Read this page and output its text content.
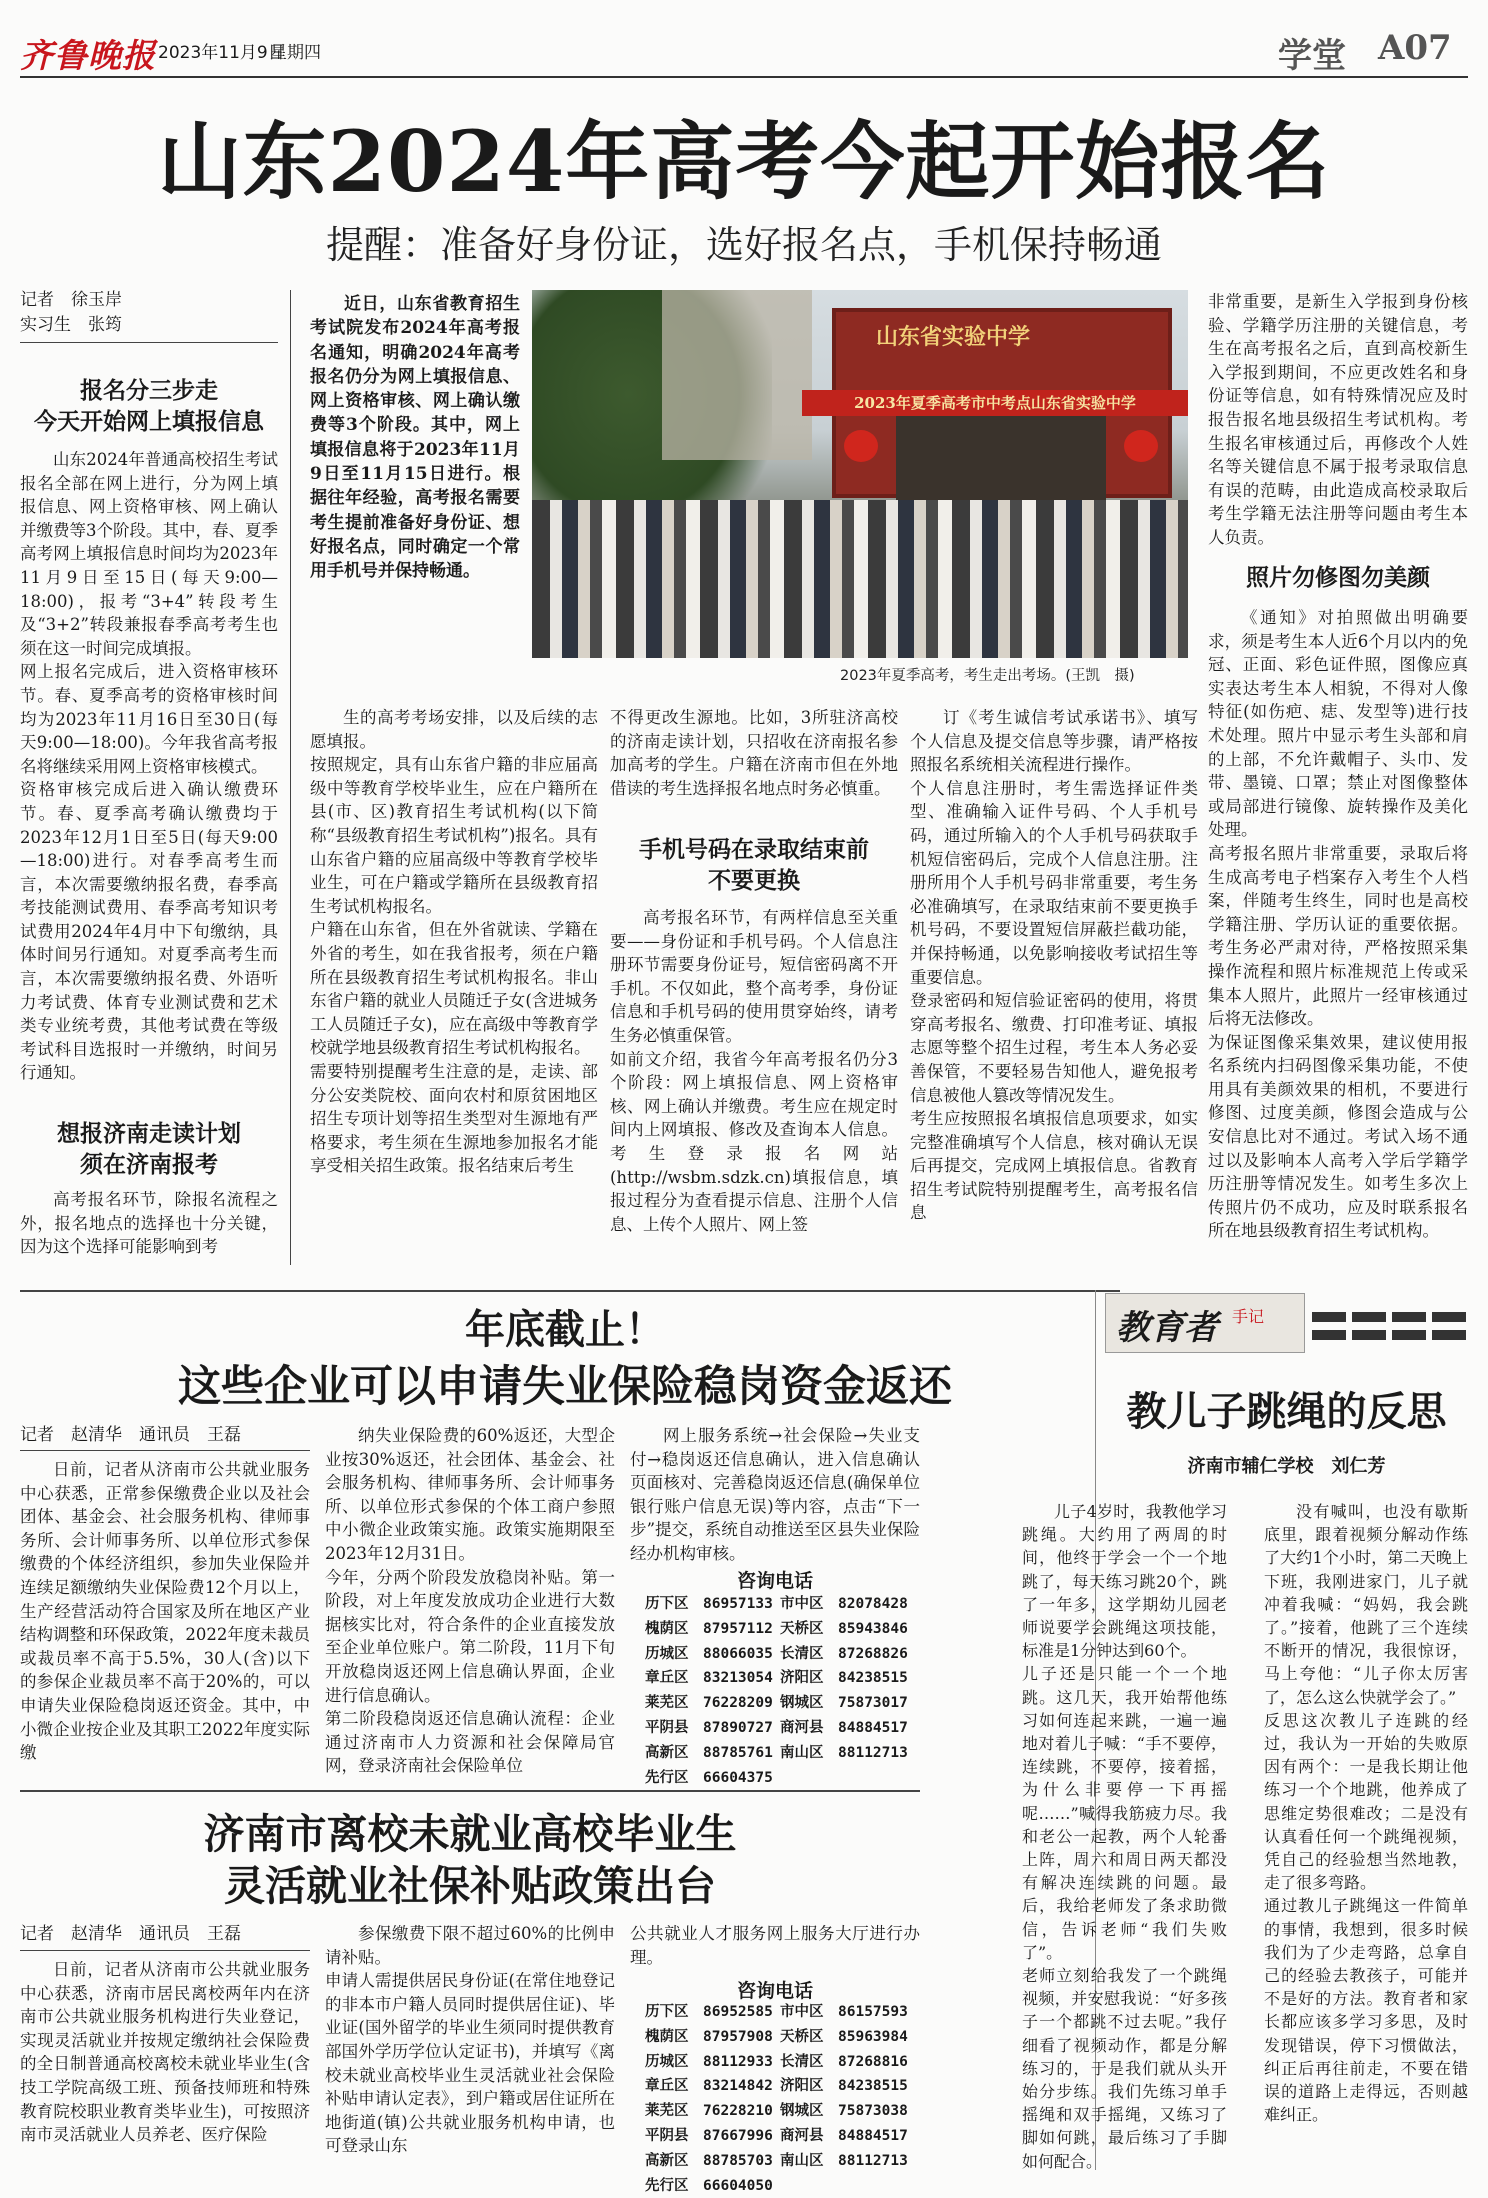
齐鲁晚报 2023年11月9日
星期四	学堂 A07
山东2024年高考今起开始报名
提醒：准备好身份证，选好报名点，手机保持畅通
记者　徐玉岸
实习生　张筠
报名分三步走
今天开始网上填报信息
山东2024年普通高校招生考试报名全部在网上进行，分为网上填报信息、网上资格审核、网上确认并缴费等3个阶段。其中，春、夏季高考网上填报信息时间均为2023年11月9日至15日(每天9:00—18:00)，报考“3+4”转段考生及“3+2”转段兼报春季高考考生也须在这一时间完成填报。
网上报名完成后，进入资格审核环节。春、夏季高考的资格审核时间均为2023年11月16日至30日(每天9:00—18:00)。今年我省高考报名将继续采用网上资格审核模式。
资格审核完成后进入确认缴费环节。春、夏季高考确认缴费均于2023年12月1日至5日(每天9:00—18:00)进行。对春季高考生而言，本次需要缴纳报名费，春季高考技能测试费用、春季高考知识考试费用2024年4月中下旬缴纳，具体时间另行通知。对夏季高考生而言，本次需要缴纳报名费、外语听力考试费、体育专业测试费和艺术类专业统考费，其他考试费在等级考试科目选报时一并缴纳，时间另行通知。
想报济南走读计划
须在济南报考
高考报名环节，除报名流程之外，报名地点的选择也十分关键，因为这个选择可能影响到考
近日，山东省教育招生考试院发布2024年高考报名通知，明确2024年高考报名仍分为网上填报信息、网上资格审核、网上确认缴费等3个阶段。其中，网上填报信息将于2023年11月9日至11月15日进行。根据往年经验，高考报名需要考生提前准备好身份证、想好报名点，同时确定一个常用手机号并保持畅通。
山东省实验中学
2023年夏季高考市中考点山东省实验中学
2023年夏季高考，考生走出考场。(王凯　摄)
生的高考考场安排，以及后续的志愿填报。
按照规定，具有山东省户籍的非应届高级中等教育学校毕业生，应在户籍所在县(市、区)教育招生考试机构(以下简称“县级教育招生考试机构”)报名。具有山东省户籍的应届高级中等教育学校毕业生，可在户籍或学籍所在县级教育招生考试机构报名。
户籍在山东省，但在外省就读、学籍在外省的考生，如在我省报考，须在户籍所在县级教育招生考试机构报名。非山东省户籍的就业人员随迁子女(含进城务工人员随迁子女)，应在高级中等教育学校就学地县级教育招生考试机构报名。
需要特别提醒考生注意的是，走读、部分公安类院校、面向农村和原贫困地区招生专项计划等招生类型对生源地有严格要求，考生须在生源地参加报名才能享受相关招生政策。报名结束后考生
不得更改生源地。比如，3所驻济高校的济南走读计划，只招收在济南报名参加高考的学生。户籍在济南市但在外地借读的考生选择报名地点时务必慎重。
手机号码在录取结束前
不要更换
高考报名环节，有两样信息至关重要——身份证和手机号码。个人信息注册环节需要身份证号，短信密码离不开手机。不仅如此，整个高考季，身份证信息和手机号码的使用贯穿始终，请考生务必慎重保管。
如前文介绍，我省今年高考报名仍分3个阶段：网上填报信息、网上资格审核、网上确认并缴费。考生应在规定时间内上网填报、修改及查询本人信息。考生登录报名网站(http://wsbm.sdzk.cn)填报信息，填报过程分为查看提示信息、注册个人信息、上传个人照片、网上签
订《考生诚信考试承诺书》、填写个人信息及提交信息等步骤，请严格按照报名系统相关流程进行操作。
个人信息注册时，考生需选择证件类型、准确输入证件号码、个人手机号码，通过所输入的个人手机号码获取手机短信密码后，完成个人信息注册。注册所用个人手机号码非常重要，考生务必准确填写，在录取结束前不要更换手机号码，不要设置短信屏蔽拦截功能，并保持畅通，以免影响接收考试招生等重要信息。
登录密码和短信验证密码的使用，将贯穿高考报名、缴费、打印准考证、填报志愿等整个招生过程，考生本人务必妥善保管，不要轻易告知他人，避免报考信息被他人篡改等情况发生。
考生应按照报名填报信息项要求，如实完整准确填写个人信息，核对确认无误后再提交，完成网上填报信息。省教育招生考试院特别提醒考生，高考报名信息
非常重要，是新生入学报到身份核验、学籍学历注册的关键信息，考生在高考报名之后，直到高校新生入学报到期间，不应更改姓名和身份证等信息，如有特殊情况应及时报告报名地县级招生考试机构。考生报名审核通过后，再修改个人姓名等关键信息不属于报考录取信息有误的范畴，由此造成高校录取后考生学籍无法注册等问题由考生本人负责。
照片勿修图勿美颜
《通知》对拍照做出明确要求，须是考生本人近6个月以内的免冠、正面、彩色证件照，图像应真实表达考生本人相貌，不得对人像特征(如伤疤、痣、发型等)进行技术处理。照片中显示考生头部和肩的上部，不允许戴帽子、头巾、发带、墨镜、口罩；禁止对图像整体或局部进行镜像、旋转操作及美化处理。
高考报名照片非常重要，录取后将生成高考电子档案存入考生个人档案，伴随考生终生，同时也是高校学籍注册、学历认证的重要依据。考生务必严肃对待，严格按照采集操作流程和照片标准规范上传或采集本人照片，此照片一经审核通过后将无法修改。
为保证图像采集效果，建议使用报名系统内扫码图像采集功能，不使用具有美颜效果的相机，不要进行修图、过度美颜，修图会造成与公安信息比对不通过。考试入场不通过以及影响本人高考入学后学籍学历注册等情况发生。如考生多次上传照片仍不成功，应及时联系报名所在地县级教育招生考试机构。
年底截止！
这些企业可以申请失业保险稳岗资金返还
记者　赵清华　通讯员　王磊
日前，记者从济南市公共就业服务中心获悉，正常参保缴费企业以及社会团体、基金会、社会服务机构、律师事务所、会计师事务所、以单位形式参保缴费的个体经济组织，参加失业保险并连续足额缴纳失业保险费12个月以上，生产经营活动符合国家及所在地区产业结构调整和环保政策，2022年度未裁员或裁员率不高于5.5%，30人(含)以下的参保企业裁员率不高于20%的，可以申请失业保险稳岗返还资金。其中，中小微企业按企业及其职工2022年度实际缴
纳失业保险费的60%返还，大型企业按30%返还，社会团体、基金会、社会服务机构、律师事务所、会计师事务所、以单位形式参保的个体工商户参照中小微企业政策实施。政策实施期限至2023年12月31日。
今年，分两个阶段发放稳岗补贴。第一阶段，对上年度发放成功企业进行大数据核实比对，符合条件的企业直接发放至企业单位账户。第二阶段，11月下旬开放稳岗返还网上信息确认界面，企业进行信息确认。
第二阶段稳岗返还信息确认流程：企业通过济南市人力资源和社会保障局官网，登录济南社会保险单位
网上服务系统→社会保险→失业支付→稳岗返还信息确认，进入信息确认页面核对、完善稳岗返还信息(确保单位银行账户信息无误)等内容，点击“下一步”提交，系统自动推送至区县失业保险经办机构审核。
咨询电话
历下区　86957133 市中区　82078428
槐荫区　87957112 天桥区　85943846
历城区　88066035 长清区　87268826
章丘区　83213054 济阳区　84238515
莱芜区　76228209 钢城区　75873017
平阴县　87890727 商河县　84884517
高新区　88785761 南山区　88112713
先行区　66604375
济南市离校未就业高校毕业生
灵活就业社保补贴政策出台
记者　赵清华　通讯员　王磊
日前，记者从济南市公共就业服务中心获悉，济南市居民离校两年内在济南市公共就业服务机构进行失业登记，实现灵活就业并按规定缴纳社会保险费的全日制普通高校离校未就业毕业生(含技工学院高级工班、预备技师班和特殊教育院校职业教育类毕业生)，可按照济南市灵活就业人员养老、医疗保险
参保缴费下限不超过60%的比例申请补贴。
申请人需提供居民身份证(在常住地登记的非本市户籍人员同时提供居住证)、毕业证(国外留学的毕业生须同时提供教育部国外学历学位认定证书)，并填写《离校未就业高校毕业生灵活就业社会保险补贴申请认定表》，到户籍或居住证所在地街道(镇)公共就业服务机构申请，也可登录山东
公共就业人才服务网上服务大厅进行办理。
咨询电话
历下区　86952585 市中区　86157593
槐荫区　87957908 天桥区　85963984
历城区　88112933 长清区　87268816
章丘区　83214842 济阳区　84238515
莱芜区　76228210 钢城区　75873038
平阴县　87667996 商河县　84884517
高新区　88785703 南山区　88112713
先行区　66604050
教育者 手记
教儿子跳绳的反思
济南市辅仁学校　刘仁芳
儿子4岁时，我教他学习跳绳。大约用了两周的时间，他终于学会一个一个地跳了，每天练习跳20个，跳了一年多，这学期幼儿园老师说要学会跳绳这项技能，标准是1分钟达到60个。
儿子还是只能一个一个地跳。这几天，我开始帮他练习如何连起来跳，一遍一遍地对着儿子喊：“手不要停，连续跳，不要停，接着摇，为什么非要停一下再摇呢……”喊得我筋疲力尽。我和老公一起教，两个人轮番上阵，周六和周日两天都没有解决连续跳的问题。最后，我给老师发了条求助微信，告诉老师“我们失败了”。
老师立刻给我发了一个跳绳视频，并安慰我说：“好多孩子一个都跳不过去呢。”我仔细看了视频动作，都是分解练习的，于是我们就从头开始分步练。我们先练习单手摇绳和双手摇绳，又练习了脚如何跳，最后练习了手脚如何配合。
没有喊叫，也没有歇斯底里，跟着视频分解动作练了大约1个小时，第二天晚上下班，我刚进家门，儿子就冲着我喊：“妈妈，我会跳了。”接着，他跳了三个连续不断开的情况，我很惊讶，马上夸他：“儿子你太厉害了，怎么这么快就学会了。”
反思这次教儿子连跳的经过，我认为一开始的失败原因有两个：一是我长期让他练习一个个地跳，他养成了思维定势很难改；二是没有认真看任何一个跳绳视频，凭自己的经验想当然地教，走了很多弯路。
通过教儿子跳绳这一件简单的事情，我想到，很多时候我们为了少走弯路，总拿自己的经验去教孩子，可能并不是好的方法。教育者和家长都应该多学习多思，及时发现错误，停下习惯做法，纠正后再往前走，不要在错误的道路上走得远，否则越难纠正。
